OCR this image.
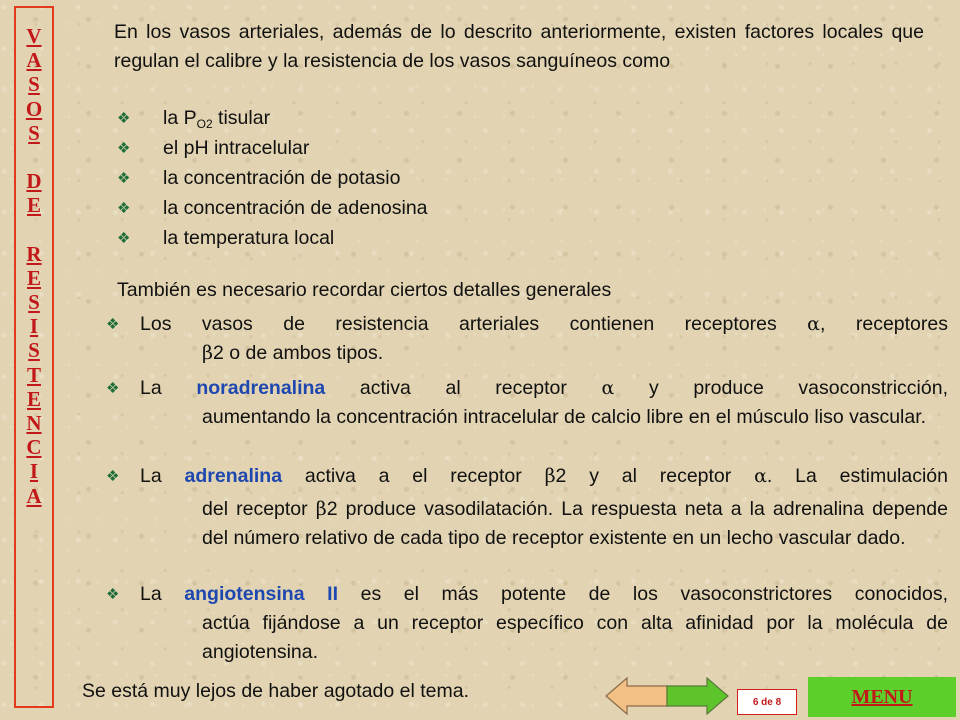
V
A
S
O
S
D
E
R
E
S
I
S
T
E
N
C
I
A
En los vasos arteriales, además de lo descrito anteriormente, existen factores locales que regulan el calibre y la resistencia de los vasos sanguíneos como
❖ la $P_{O2}$ tisular
❖ el pH intracelular
❖ la concentración de potasio
❖ la concentración de adenosina
❖ la temperatura local
También es necesario recordar ciertos detalles generales
❖ Los vasos de resistencia arteriales contienen receptores α, receptores
β2 o de ambos tipos.
❖ La noradrenalina activa al receptor α y produce vasoconstricción,
aumentando la concentración intracelular de calcio libre en el músculo liso vascular.
❖ La adrenalina activa a el receptor β2 y al receptor α. La estimulación
del receptor β2 produce vasodilatación. La respuesta neta a la adrenalina depende del número relativo de cada tipo de receptor existente en un lecho vascular dado.
❖ La angiotensina II es el más potente de los vasoconstrictores conocidos,
actúa fijándose a un receptor específico con alta afinidad por la molécula de angiotensina.
Se está muy lejos de haber agotado el tema.	6 de 8	MENU
